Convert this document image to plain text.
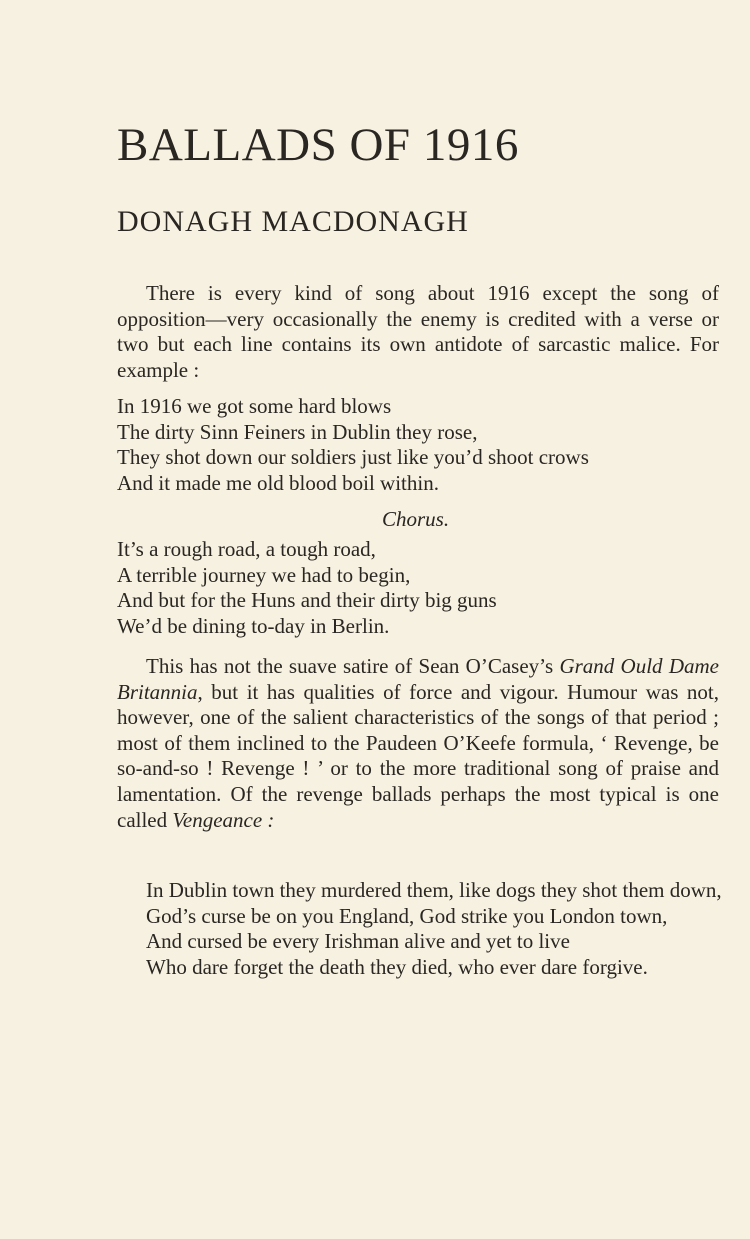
BALLADS OF 1916
DONAGH MACDONAGH

There is every kind of song about 1916 except the song of opposition—very occasionally the enemy is credited with a verse or two but each line contains its own antidote of sarcastic malice. For example :

In 1916 we got some hard blows

The dirty Sinn Feiners in Dublin they rose,

They shot down our soldiers just like you’d shoot crows

And it made me old blood boil within.

Chorus.

It’s a rough road, a tough road,

A terrible journey we had to begin,

And but for the Huns and their dirty big guns

We’d be dining to-day in Berlin.

This has not the suave satire of Sean O’Casey’s Grand Ould Dame Britannia, but it has qualities of force and vigour. Humour was not, however, one of the salient characteristics of the songs of that period ; most of them inclined to the Paudeen O’Keefe formula, ‘ Revenge, be so-and-so ! Revenge ! ’ or to the more traditional song of praise and lamentation. Of the revenge ballads perhaps the most typical is one called Vengeance :

In Dublin town they murdered them, like dogs they shot them down,

God’s curse be on you England, God strike you London town,

And cursed be every Irishman alive and yet to live

Who dare forget the death they died, who ever dare forgive.
